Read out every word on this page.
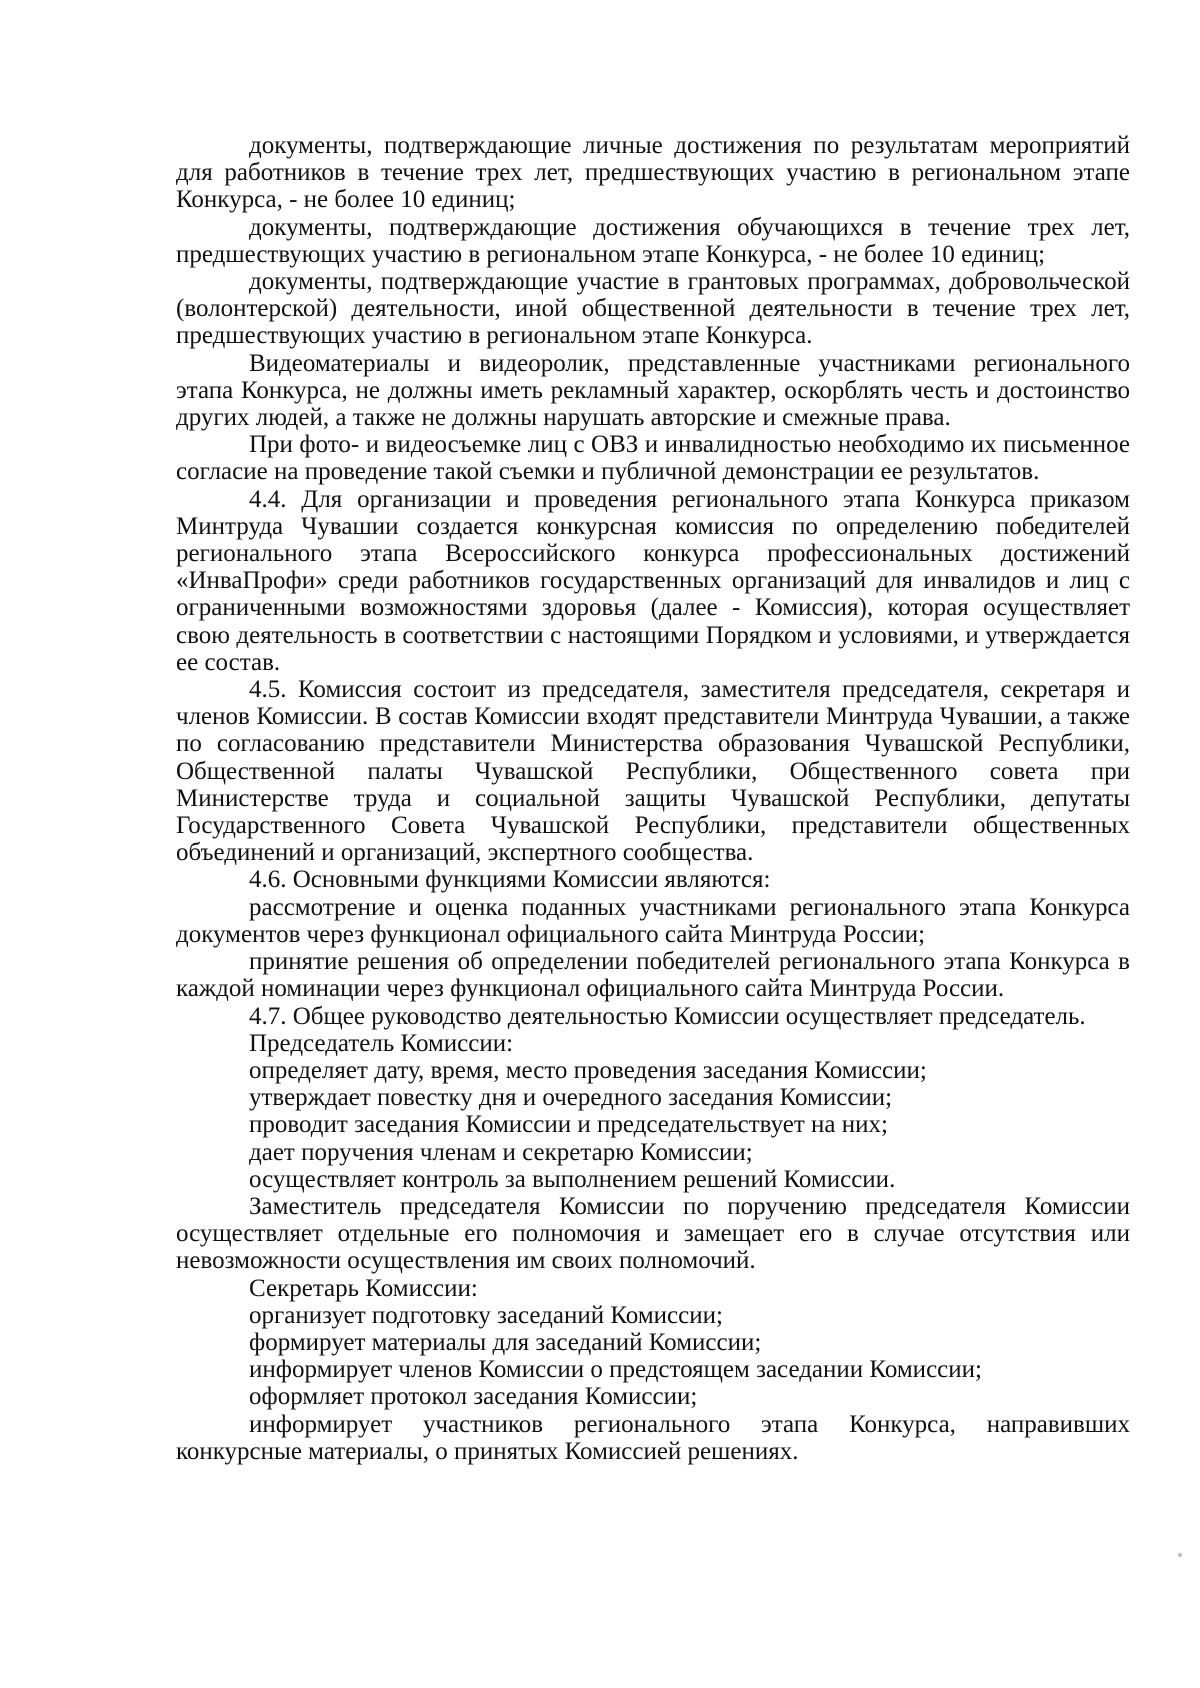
документы, подтверждающие личные достижения по результатам мероприятий для работников в течение трех лет, предшествующих участию в региональном этапе Конкурса, - не более 10 единиц;

документы, подтверждающие достижения обучающихся в течение трех лет, предшествующих участию в региональном этапе Конкурса, - не более 10 единиц;

документы, подтверждающие участие в грантовых программах, добровольческой (волонтерской) деятельности, иной общественной деятельности в течение трех лет, предшествующих участию в региональном этапе Конкурса.

Видеоматериалы и видеоролик, представленные участниками регионального этапа Конкурса, не должны иметь рекламный характер, оскорблять честь и достоинство других людей, а также не должны нарушать авторские и смежные права.

При фото- и видеосъемке лиц с ОВЗ и инвалидностью необходимо их письменное согласие на проведение такой съемки и публичной демонстрации ее результатов.

4.4. Для организации и проведения регионального этапа Конкурса приказом Минтруда Чувашии создается конкурсная комиссия по определению победителей регионального этапа Всероссийского конкурса профессиональных достижений «ИнваПрофи» среди работников государственных организаций для инвалидов и лиц с ограниченными возможностями здоровья (далее - Комиссия), которая осуществляет свою деятельность в соответствии с настоящими Порядком и условиями, и утверждается ее состав.

4.5. Комиссия состоит из председателя, заместителя председателя, секретаря и членов Комиссии. В состав Комиссии входят представители Минтруда Чувашии, а также по согласованию представители Министерства образования Чувашской Республики, Общественной палаты Чувашской Республики, Общественного совета при Министерстве труда и социальной защиты Чувашской Республики, депутаты Государственного Совета Чувашской Республики, представители общественных объединений и организаций, экспертного сообщества.

4.6. Основными функциями Комиссии являются:

рассмотрение и оценка поданных участниками регионального этапа Конкурса документов через функционал официального сайта Минтруда России;

принятие решения об определении победителей регионального этапа Конкурса в каждой номинации через функционал официального сайта Минтруда России.

4.7. Общее руководство деятельностью Комиссии осуществляет председатель.

Председатель Комиссии:

определяет дату, время, место проведения заседания Комиссии;

утверждает повестку дня и очередного заседания Комиссии;

проводит заседания Комиссии и председательствует на них;

дает поручения членам и секретарю Комиссии;

осуществляет контроль за выполнением решений Комиссии.

Заместитель председателя Комиссии по поручению председателя Комиссии осуществляет отдельные его полномочия и замещает его в случае отсутствия или невозможности осуществления им своих полномочий.

Секретарь Комиссии:

организует подготовку заседаний Комиссии;

формирует материалы для заседаний Комиссии;

информирует членов Комиссии о предстоящем заседании Комиссии;

оформляет протокол заседания Комиссии;

информирует участников регионального этапа Конкурса, направивших конкурсные материалы, о принятых Комиссией решениях.
